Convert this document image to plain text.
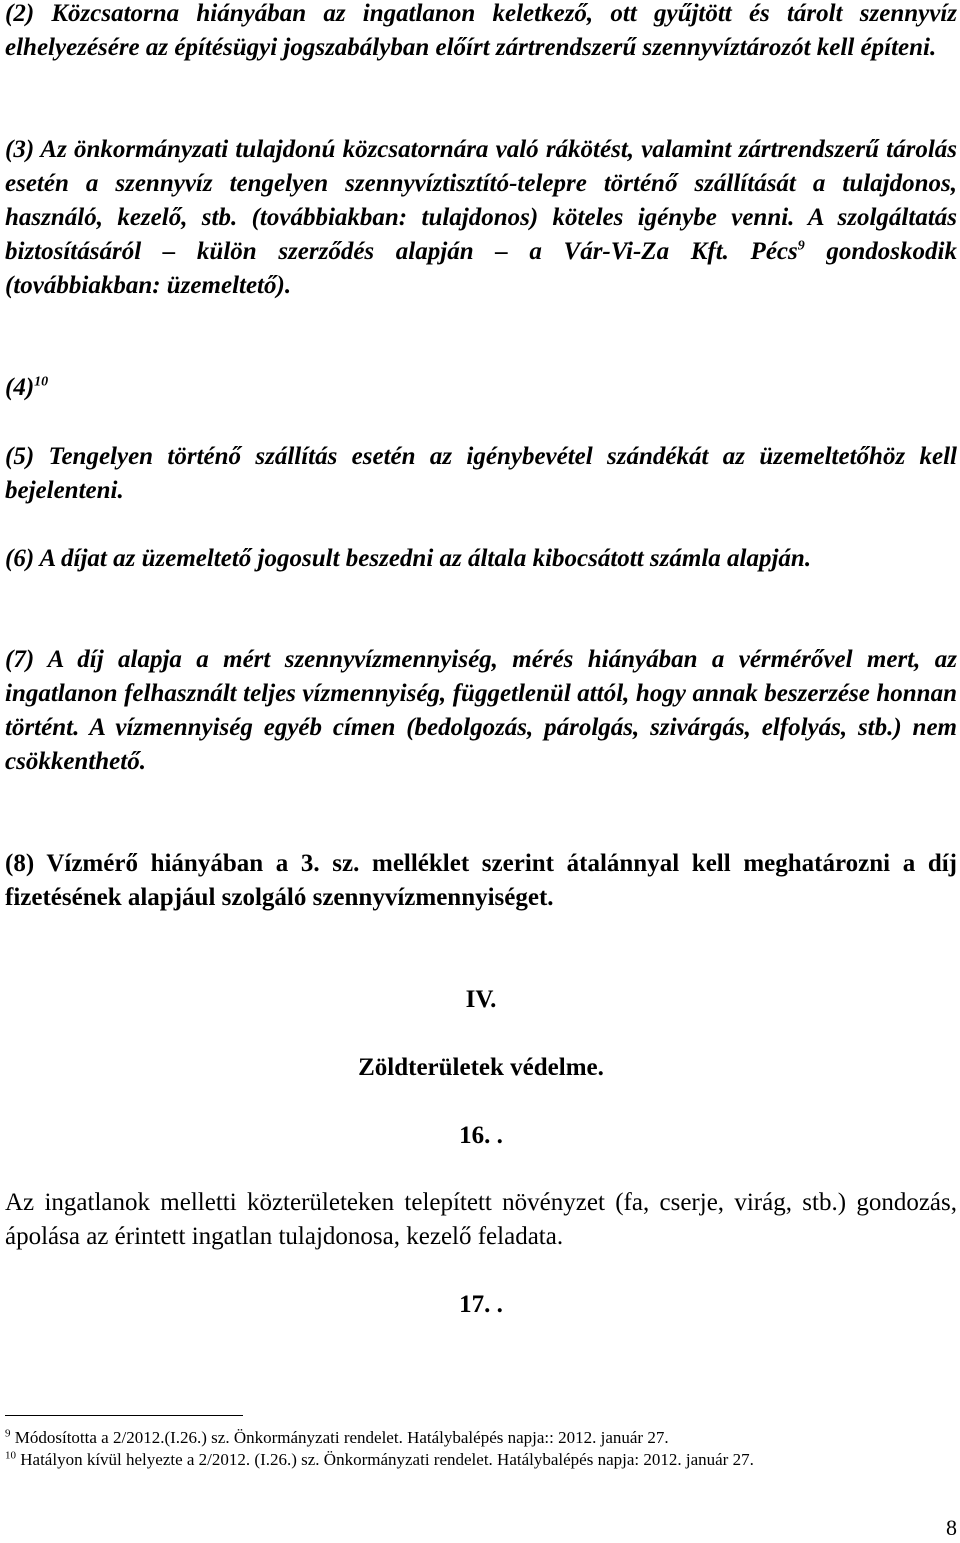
(2) Közcsatorna hiányában az ingatlanon keletkező, ott gyűjtött és tárolt szennyvíz elhelyezésére az építésügyi jogszabályban előírt zártrendszerű szennyvíztározót kell építeni.

(3) Az önkormányzati tulajdonú közcsatornára való rákötést, valamint zártrendszerű tárolás esetén a szennyvíz tengelyen szennyvíztisztító-telepre történő szállítását a tulajdonos, használó, kezelő, stb. (továbbiakban: tulajdonos) köteles igénybe venni. A szolgáltatás biztosításáról – külön szerződés alapján – a Vár-Vi-Za Kft. Pécs$^9$ gondoskodik (továbbiakban: üzemeltető).

(4)$^{10}$

(5) Tengelyen történő szállítás esetén az igénybevétel szándékát az üzemeltetőhöz kell bejelenteni.

(6) A díjat az üzemeltető jogosult beszedni az általa kibocsátott számla alapján.

(7) A díj alapja a mért szennyvízmennyiség, mérés hiányában a vérmérővel mert, az ingatlanon felhasznált teljes vízmennyiség, függetlenül attól, hogy annak beszerzése honnan történt. A vízmennyiség egyéb címen (bedolgozás, párolgás, szivárgás, elfolyás, stb.) nem csökkenthető.

(8) Vízmérő hiányában a 3. sz. melléklet szerint átalánnyal kell meghatározni a díj fizetésének alapjául szolgáló szennyvízmennyiséget.

IV.

Zöldterületek védelme.

16. .

Az ingatlanok melletti közterületeken telepített növényzet (fa, cserje, virág, stb.) gondozás, ápolása az érintett ingatlan tulajdonosa, kezelő feladata.

17. .

$^9$ Módosította a 2/2012.(I.26.) sz. Önkormányzati rendelet. Hatálybalépés napja:: 2012. január 27.
$^{10}$ Hatályon kívül helyezte a 2/2012. (I.26.) sz. Önkormányzati rendelet. Hatálybalépés napja: 2012. január 27.
8
